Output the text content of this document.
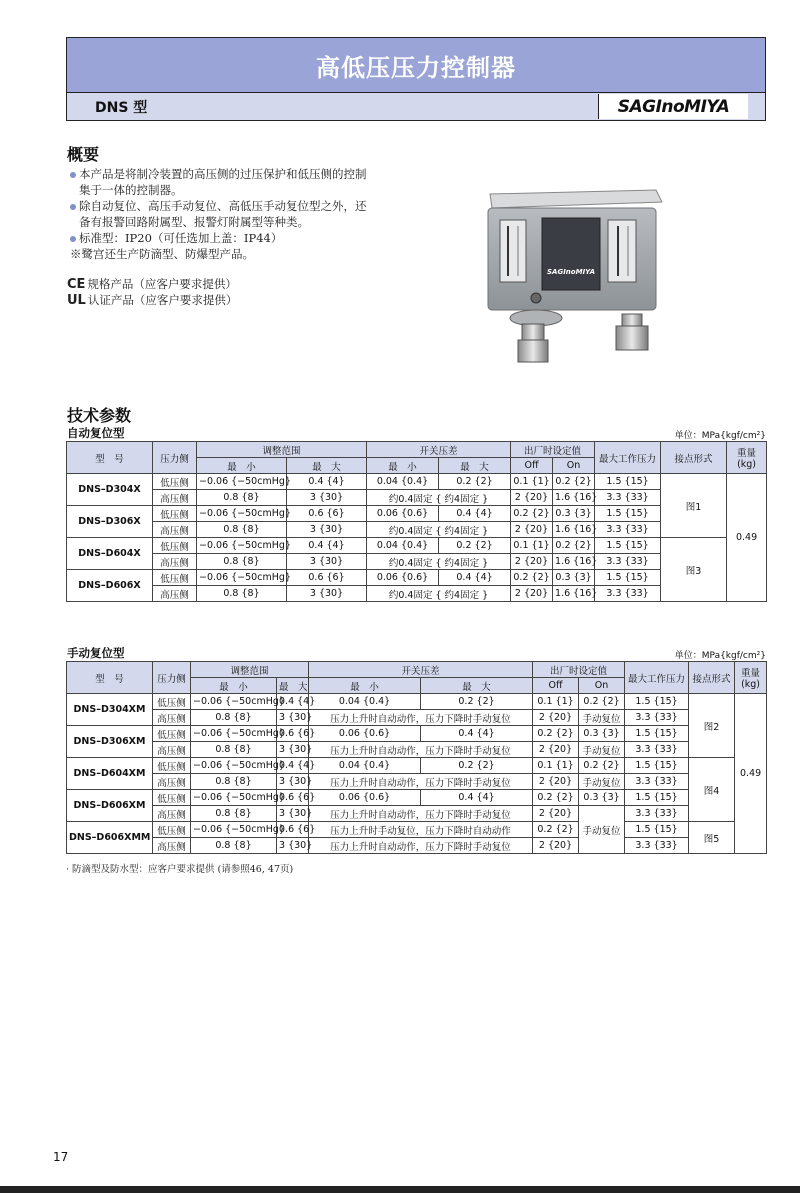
高低压压力控制器
DNS 型	SAGInoMIYA
概要
本产品是将制冷装置的高压侧的过压保护和低压侧的控制
集于一体的控制器。
除自动复位、高压手动复位、高低压手动复位型之外，还
备有报警回路附属型、报警灯附属型等种类。
标准型：IP20（可任选加上盖：IP44）
※鹭宫还生产防滴型、防爆型产品。
CE 规格产品（应客户要求提供）
UL 认证产品（应客户要求提供）
SAGInoMIYA
技术参数
自动复位型	单位：MPa{kgf/cm²}
型　号	压力侧	调整范围		开关压差		出厂时设定值		最大工作压力	接点形式	重量
(kg)
		最　小	最　大	最　小	最　大	Off	On			
DNS–D304X	低压侧	−0.06 {−50cmHg}	0.4 {4}	0.04 {0.4}	0.2 {2}	0.1 {1}	0.2 {2}	1.5 {15}	图1	0.49
	高压侧	0.8 {8}	3 {30}	约0.4固定 { 约4固定 }		2 {20}	1.6 {16}	3.3 {33}		
DNS–D306X	低压侧	−0.06 {−50cmHg}	0.6 {6}	0.06 {0.6}	0.4 {4}	0.2 {2}	0.3 {3}	1.5 {15}		
	高压侧	0.8 {8}	3 {30}	约0.4固定 { 约4固定 }		2 {20}	1.6 {16}	3.3 {33}		
DNS–D604X	低压侧	−0.06 {−50cmHg}	0.4 {4}	0.04 {0.4}	0.2 {2}	0.1 {1}	0.2 {2}	1.5 {15}	图3	
	高压侧	0.8 {8}	3 {30}	约0.4固定 { 约4固定 }		2 {20}	1.6 {16}	3.3 {33}		
DNS–D606X	低压侧	−0.06 {−50cmHg}	0.6 {6}	0.06 {0.6}	0.4 {4}	0.2 {2}	0.3 {3}	1.5 {15}		
	高压侧	0.8 {8}	3 {30}	约0.4固定 { 约4固定 }		2 {20}	1.6 {16}	3.3 {33}		
手动复位型	单位：MPa{kgf/cm²}
型　号	压力侧	调整范围		开关压差		出厂时设定值		最大工作压力	接点形式	重量
(kg)
		最　小	最　大	最　小	最　大	Off	On			
DNS–D304XM	低压侧	−0.06 {−50cmHg}	0.4 {4}	0.04 {0.4}	0.2 {2}	0.1 {1}	0.2 {2}	1.5 {15}	图2	0.49
	高压侧	0.8 {8}	3 {30}	压力上升时自动动作，压力下降时手动复位		2 {20}	手动复位	3.3 {33}		
DNS–D306XM	低压侧	−0.06 {−50cmHg}	0.6 {6}	0.06 {0.6}	0.4 {4}	0.2 {2}	0.3 {3}	1.5 {15}		
	高压侧	0.8 {8}	3 {30}	压力上升时自动动作，压力下降时手动复位		2 {20}	手动复位	3.3 {33}		
DNS–D604XM	低压侧	−0.06 {−50cmHg}	0.4 {4}	0.04 {0.4}	0.2 {2}	0.1 {1}	0.2 {2}	1.5 {15}	图4	
	高压侧	0.8 {8}	3 {30}	压力上升时自动动作，压力下降时手动复位		2 {20}	手动复位	3.3 {33}		
DNS–D606XM	低压侧	−0.06 {−50cmHg}	0.6 {6}	0.06 {0.6}	0.4 {4}	0.2 {2}	0.3 {3}	1.5 {15}		
	高压侧	0.8 {8}	3 {30}	压力上升时自动动作，压力下降时手动复位		2 {20}	手动复位	3.3 {33}		
DNS–D606XMM	低压侧	−0.06 {−50cmHg}	0.6 {6}	压力上升时手动复位，压力下降时自动动作		0.2 {2}		1.5 {15}	图5	
	高压侧	0.8 {8}	3 {30}	压力上升时自动动作，压力下降时手动复位		2 {20}		3.3 {33}		
· 防滴型及防水型：应客户要求提供 (请参照46, 47页)
17
